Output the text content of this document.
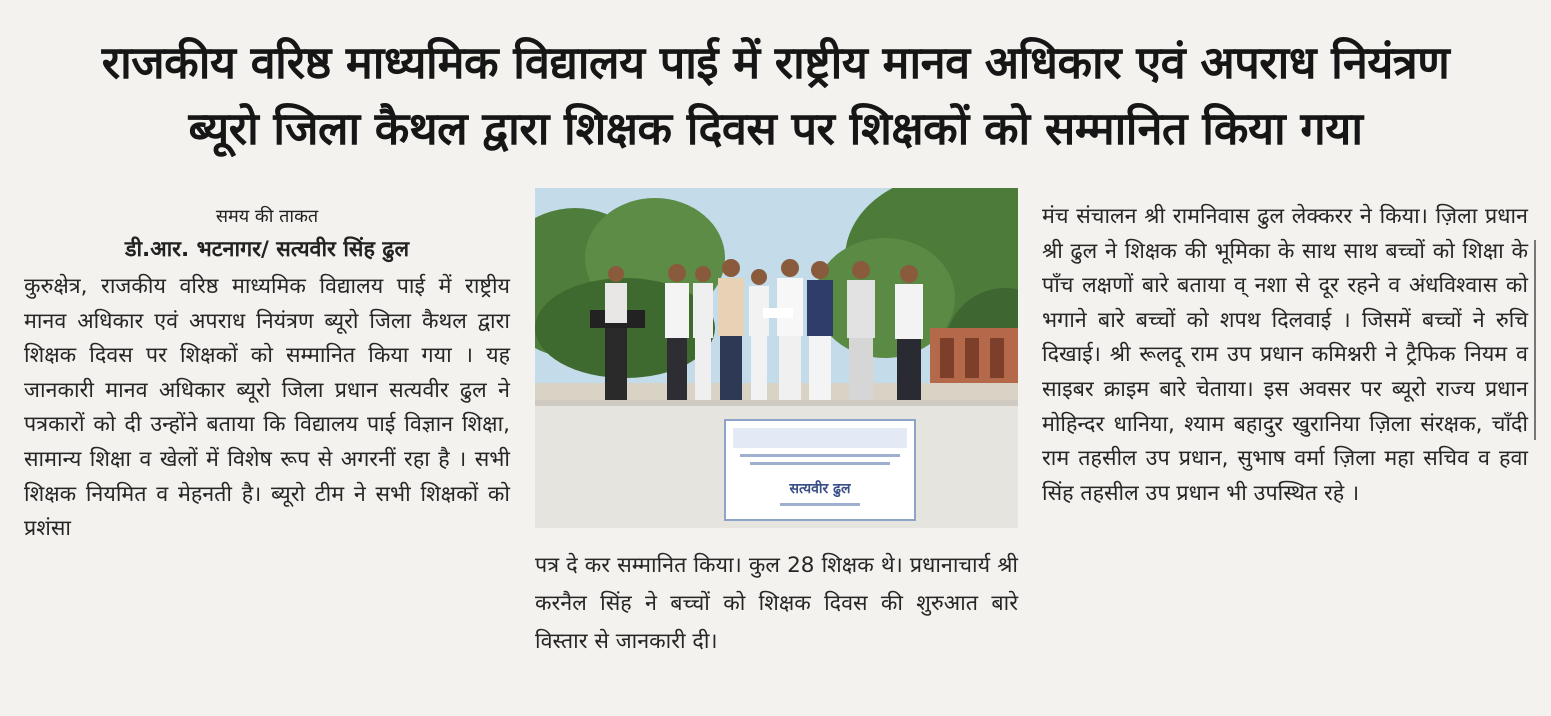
राजकीय वरिष्ठ माध्यमिक विद्यालय पाई में राष्ट्रीय मानव अधिकार एवं अपराध नियंत्रण
ब्यूरो जिला कैथल द्वारा शिक्षक दिवस पर शिक्षकों को सम्मानित किया गया
समय की ताकत
डी.आर. भटनागर/ सत्यवीर सिंह ढुल

कुरुक्षेत्र, राजकीय वरिष्ठ माध्यमिक विद्यालय पाई में राष्ट्रीय मानव अधिकार एवं अपराध नियंत्रण ब्यूरो जिला कैथल द्वारा शिक्षक दिवस पर शिक्षकों को सम्मानित किया गया । यह जानकारी मानव अधिकार ब्यूरो जिला प्रधान सत्यवीर ढुल ने पत्रकारों को दी उन्होंने बताया कि विद्यालय पाई विज्ञान शिक्षा, सामान्य शिक्षा व खेलों में विशेष रूप से अगरनीं रहा है । सभी शिक्षक नियमित व मेहनती है। ब्यूरो टीम ने सभी शिक्षकों को प्रशंसा

सत्यवीर ढुल

पत्र दे कर सम्मानित किया। कुल 28 शिक्षक थे। प्रधानाचार्य श्री करनैल सिंह ने बच्चों को शिक्षक दिवस की शुरुआत बारे विस्तार से जानकारी दी।

मंच संचालन श्री रामनिवास ढुल लेक्करर ने किया। ज़िला प्रधान श्री ढुल ने शिक्षक की भूमिका के साथ साथ बच्चों को शिक्षा के पाँच लक्षणों बारे बताया व् नशा से दूर रहने व अंधविश्वास को भगाने बारे बच्चों को शपथ दिलवाई । जिसमें बच्चों ने रुचि दिखाई। श्री रूलदू राम उप प्रधान कमिश्नरी ने ट्रैफिक नियम व साइबर क्राइम बारे चेताया। इस अवसर पर ब्यूरो राज्य प्रधान मोहिन्दर धानिया, श्याम बहादुर खुरानिया ज़िला संरक्षक, चाँदी राम तहसील उप प्रधान, सुभाष वर्मा ज़िला महा सचिव व हवा सिंह तहसील उप प्रधान भी उपस्थित रहे ।
